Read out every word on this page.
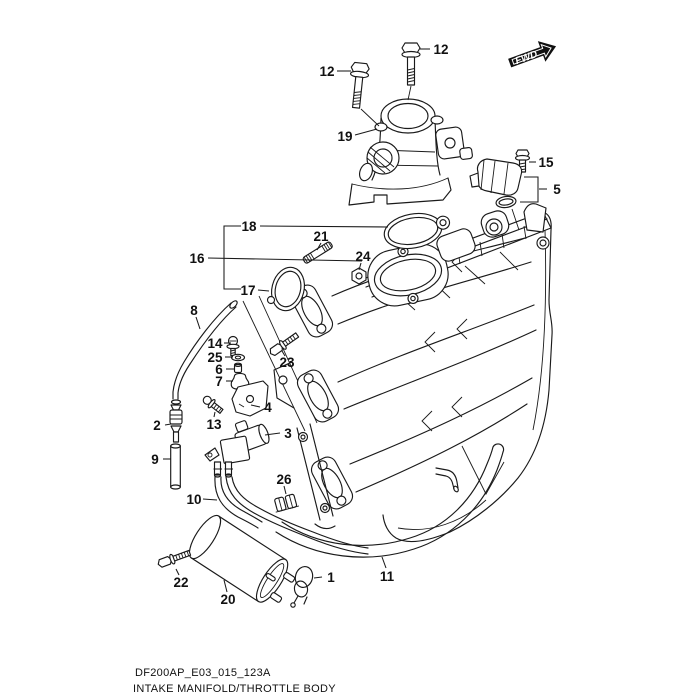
FWD
12
12
19
15
5
18
21
16	24
17
8
14
25
6
7
23
2	13
4
3
9
26
10
22
20
1	11
DF200AP_E03_015_123A
INTAKE MANIFOLD/THROTTLE BODY
